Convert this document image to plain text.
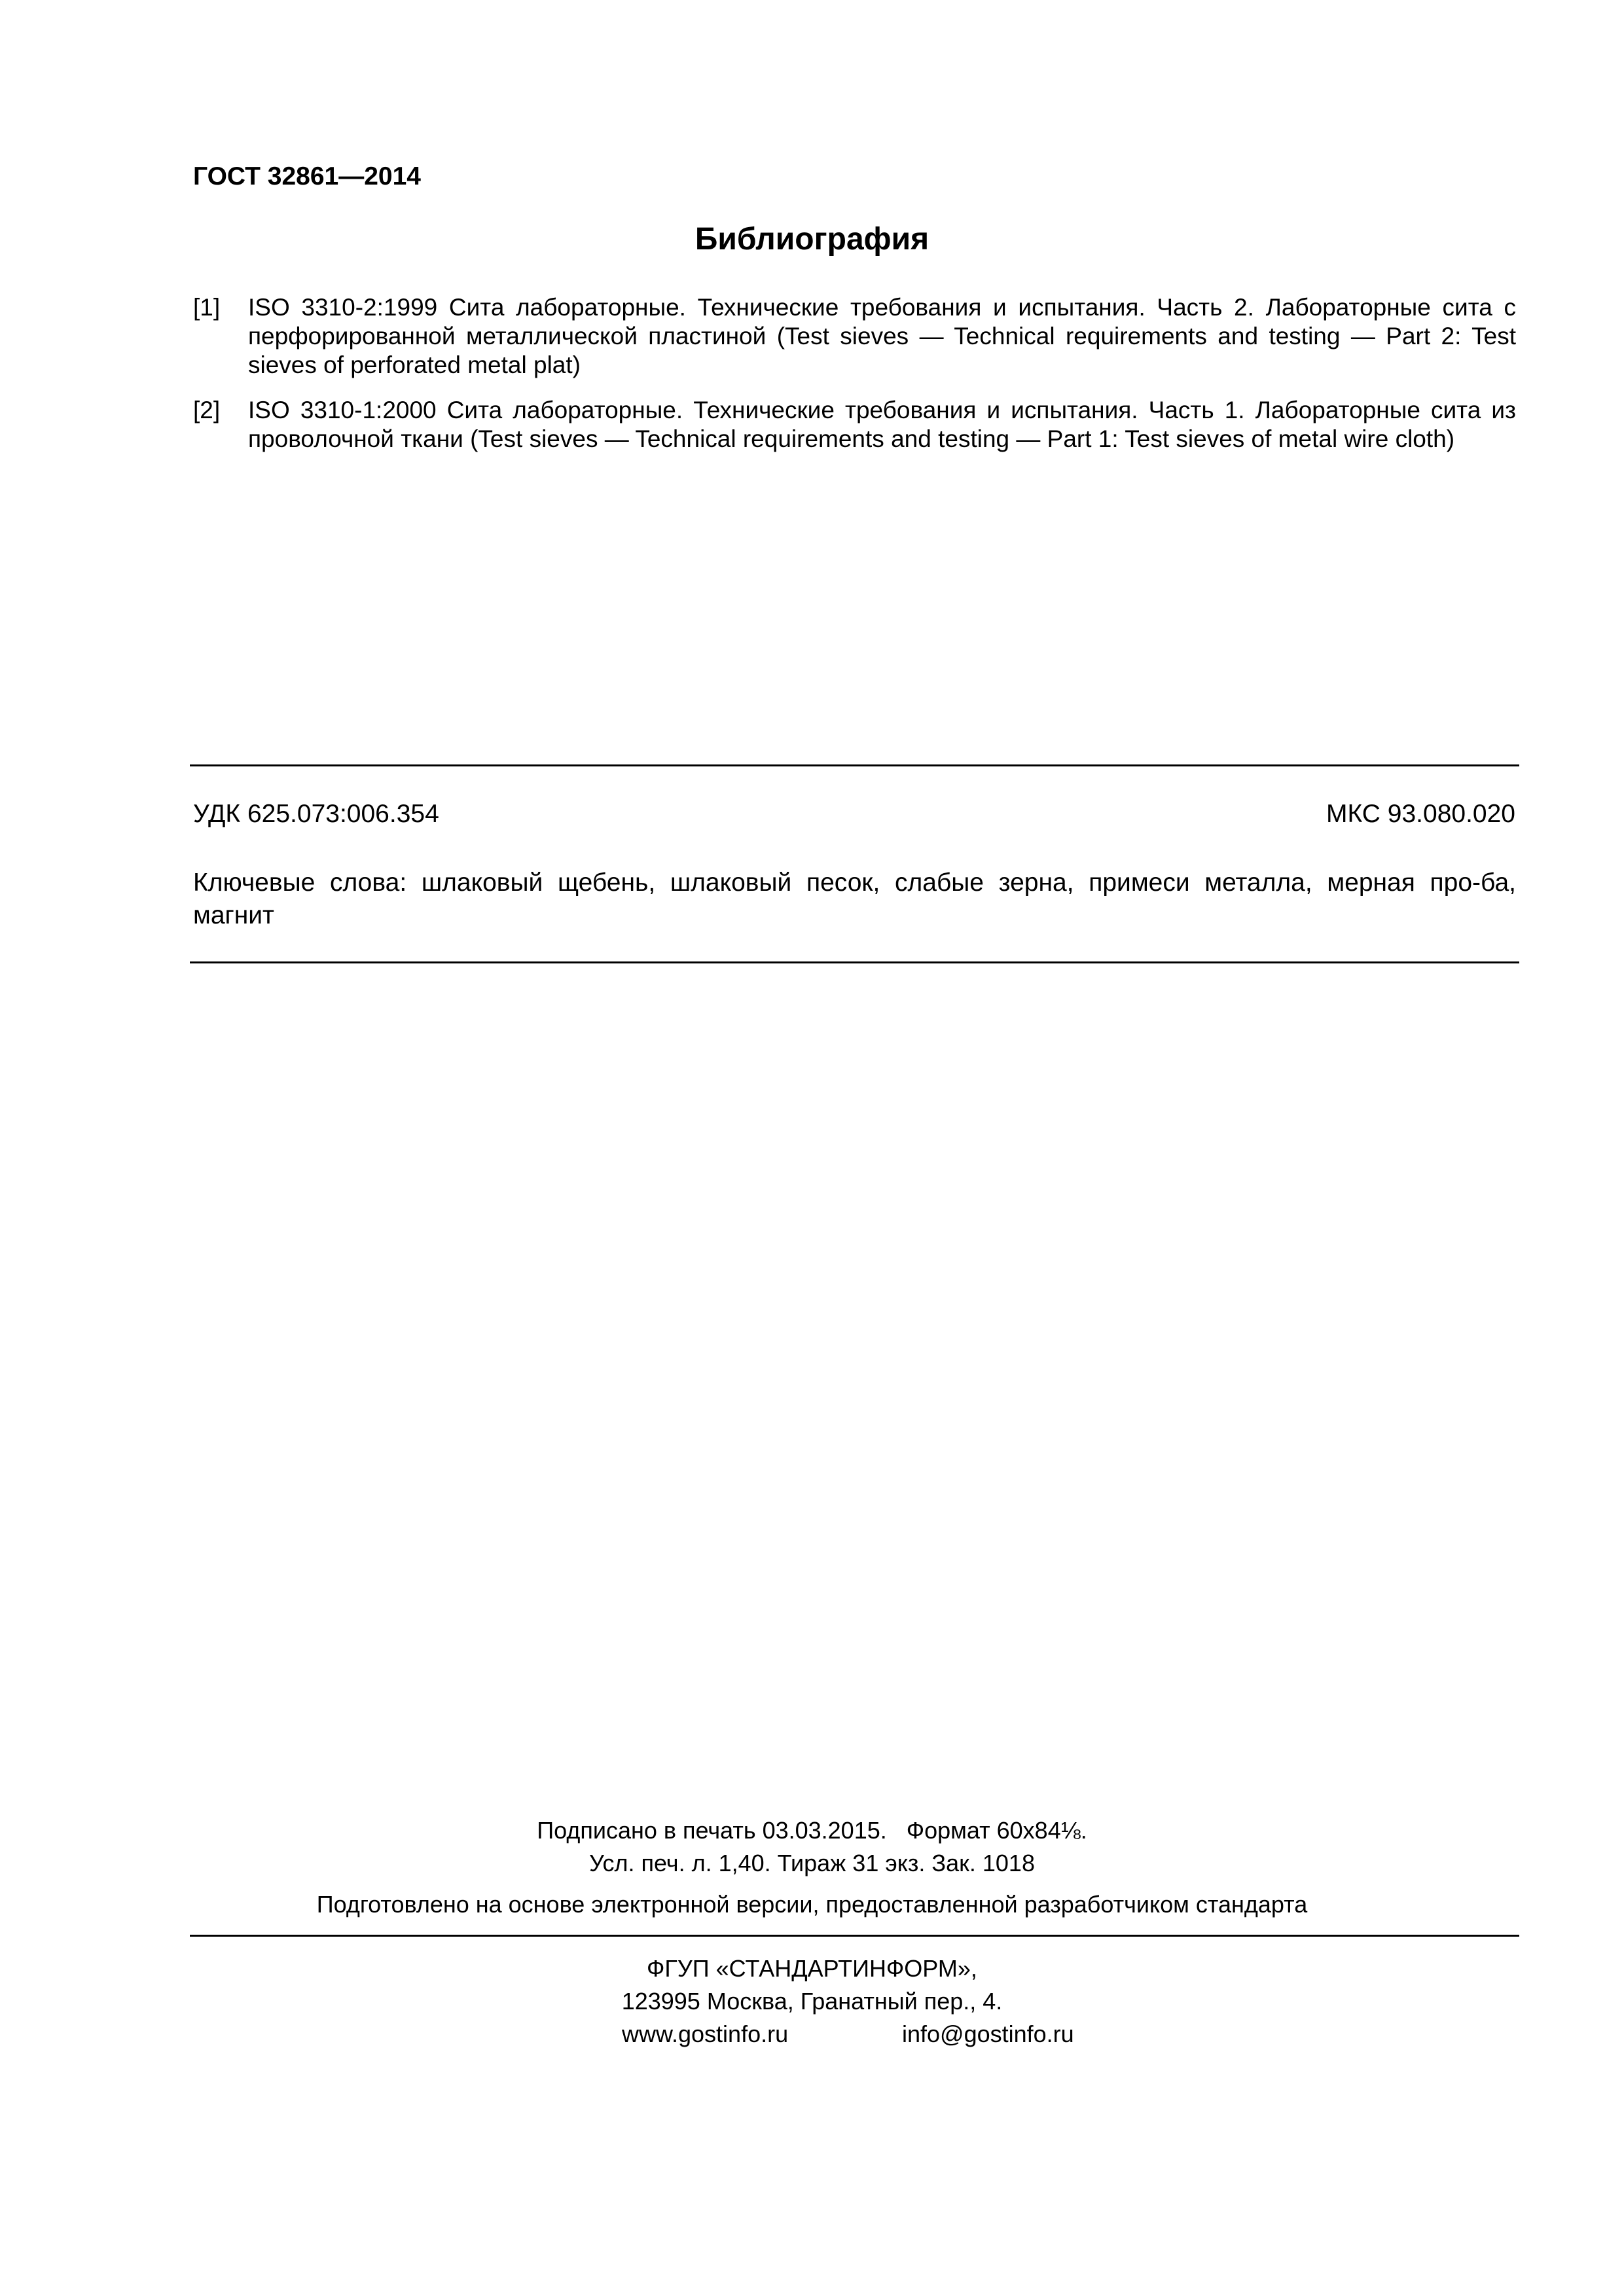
ГОСТ 32861—2014
Библиография
[1] ISO 3310-2:1999 Сита лабораторные. Технические требования и испытания. Часть 2. Лабораторные сита с перфорированной металлической пластиной (Test sieves — Technical requirements and testing — Part 2: Test sieves of perforated metal plat)
[2] ISO 3310-1:2000 Сита лабораторные. Технические требования и испытания. Часть 1. Лабораторные сита из проволочной ткани (Test sieves — Technical requirements and testing — Part 1: Test sieves of metal wire cloth)
УДК 625.073:006.354	МКС 93.080.020
Ключевые слова: шлаковый щебень, шлаковый песок, слабые зерна, примеси металла, мерная про-ба, магнит
Подписано в печать 03.03.2015.   Формат 60x84⅛.
Усл. печ. л. 1,40. Тираж 31 экз. Зак. 1018
Подготовлено на основе электронной версии, предоставленной разработчиком стандарта
ФГУП «СТАНДАРТИНФОРМ»,
123995 Москва, Гранатный пер., 4.
www.gostinfo.ru	info@gostinfo.ru
